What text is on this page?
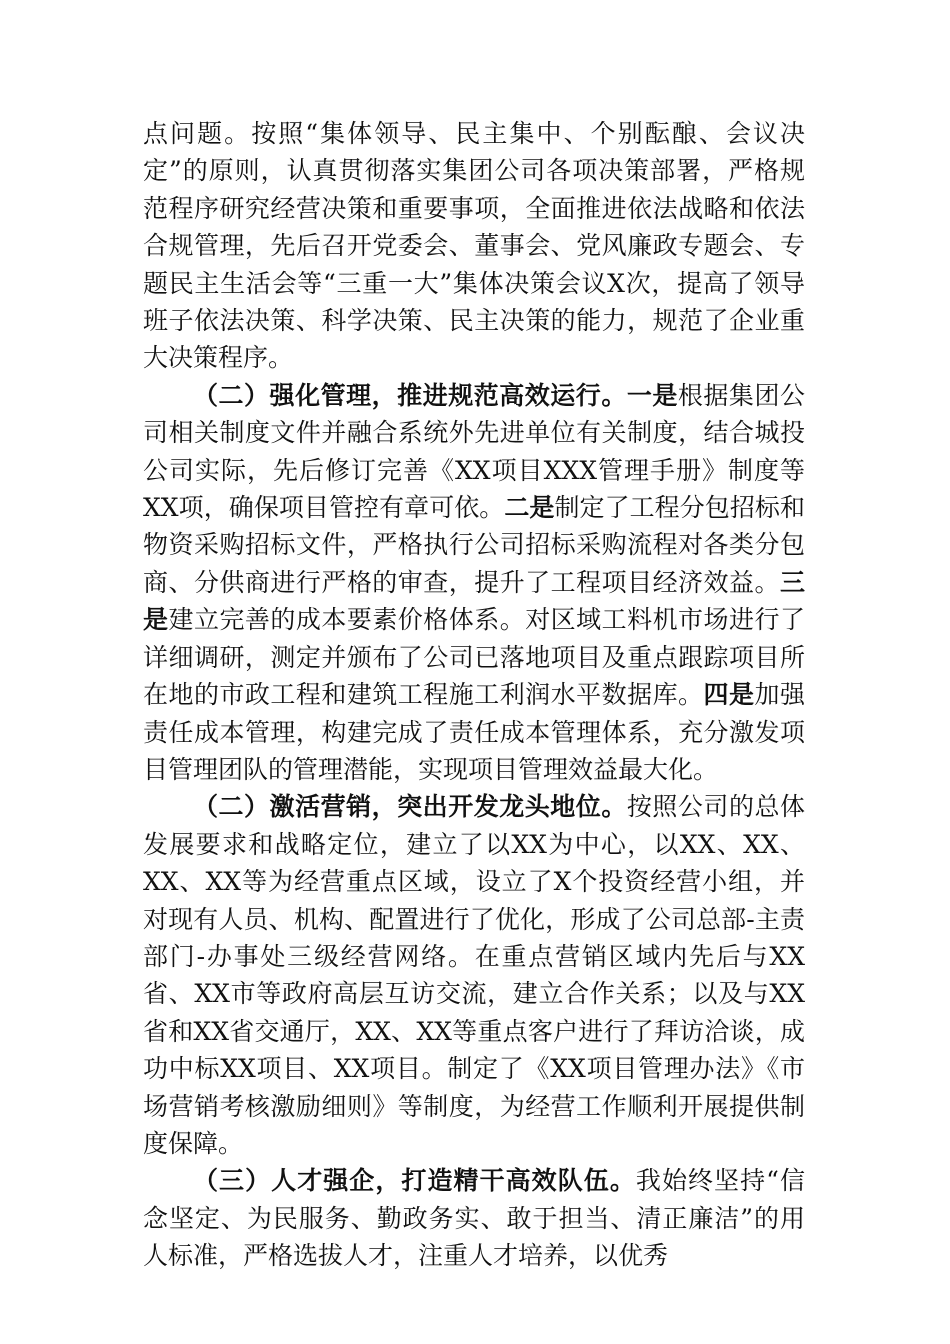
点问题。按照“集体领导、民主集中、个别酝酿、会议决定”的原则，认真贯彻落实集团公司各项决策部署，严格规范程序研究经营决策和重要事项，全面推进依法战略和依法合规管理，先后召开党委会、董事会、党风廉政专题会、专题民主生活会等“三重一大”集体决策会议X次，提高了领导班子依法决策、科学决策、民主决策的能力，规范了企业重大决策程序。

（二）强化管理，推进规范高效运行。一是根据集团公司相关制度文件并融合系统外先进单位有关制度，结合城投公司实际，先后修订完善《XX项目XXX管理手册》制度等XX项，确保项目管控有章可依。二是制定了工程分包招标和物资采购招标文件，严格执行公司招标采购流程对各类分包商、分供商进行严格的审查，提升了工程项目经济效益。三是建立完善的成本要素价格体系。对区域工料机市场进行了详细调研，测定并颁布了公司已落地项目及重点跟踪项目所在地的市政工程和建筑工程施工利润水平数据库。四是加强责任成本管理，构建完成了责任成本管理体系，充分激发项目管理团队的管理潜能，实现项目管理效益最大化。

（二）激活营销，突出开发龙头地位。按照公司的总体发展要求和战略定位，建立了以XX为中心，以XX、XX、XX、XX等为经营重点区域，设立了X个投资经营小组，并对现有人员、机构、配置进行了优化，形成了公司总部-主责部门-办事处三级经营网络。在重点营销区域内先后与XX省、XX市等政府高层互访交流，建立合作关系；以及与XX省和XX省交通厅，XX、XX等重点客户进行了拜访洽谈，成功中标XX项目、XX项目。制定了《XX项目管理办法》《市场营销考核激励细则》等制度，为经营工作顺利开展提供制度保障。

（三）人才强企，打造精干高效队伍。我始终坚持“信念坚定、为民服务、勤政务实、敢于担当、清正廉洁”的用人标准，严格选拔人才，注重人才培养，以优秀
